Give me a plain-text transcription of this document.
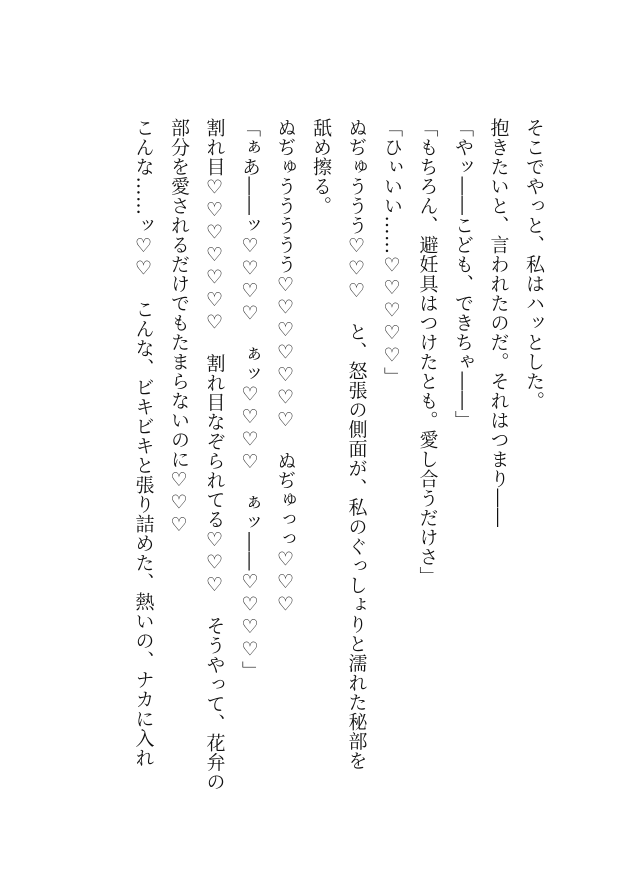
そこでやっと、私はハッとした。
抱きたいと、言われたのだ。それはつまり――
「やッ――こども、できちゃ――」
「もちろん、避妊具はつけたとも。愛し合うだけさ」
「ひぃいい……♡♡♡♡♡」
ぬぢゅううう♡♡♡　と、怒張の側面が、私のぐっしょりと濡れた秘部を
舐め擦る。
ぬぢゅううううう♡♡♡♡♡♡♡　ぬぢゅっっ♡♡♡
「ぁあ――ッ♡♡♡♡　ぁッ♡♡♡♡　ぁッ――♡♡♡♡」
割れ目♡♡♡♡♡♡♡　割れ目なぞられてる♡♡♡　そうやって、花弁の
部分を愛されるだけでもたまらないのに♡♡♡
こんな……ッ♡♡　こんな、ビキビキと張り詰めた、熱いの、ナカに入れ
